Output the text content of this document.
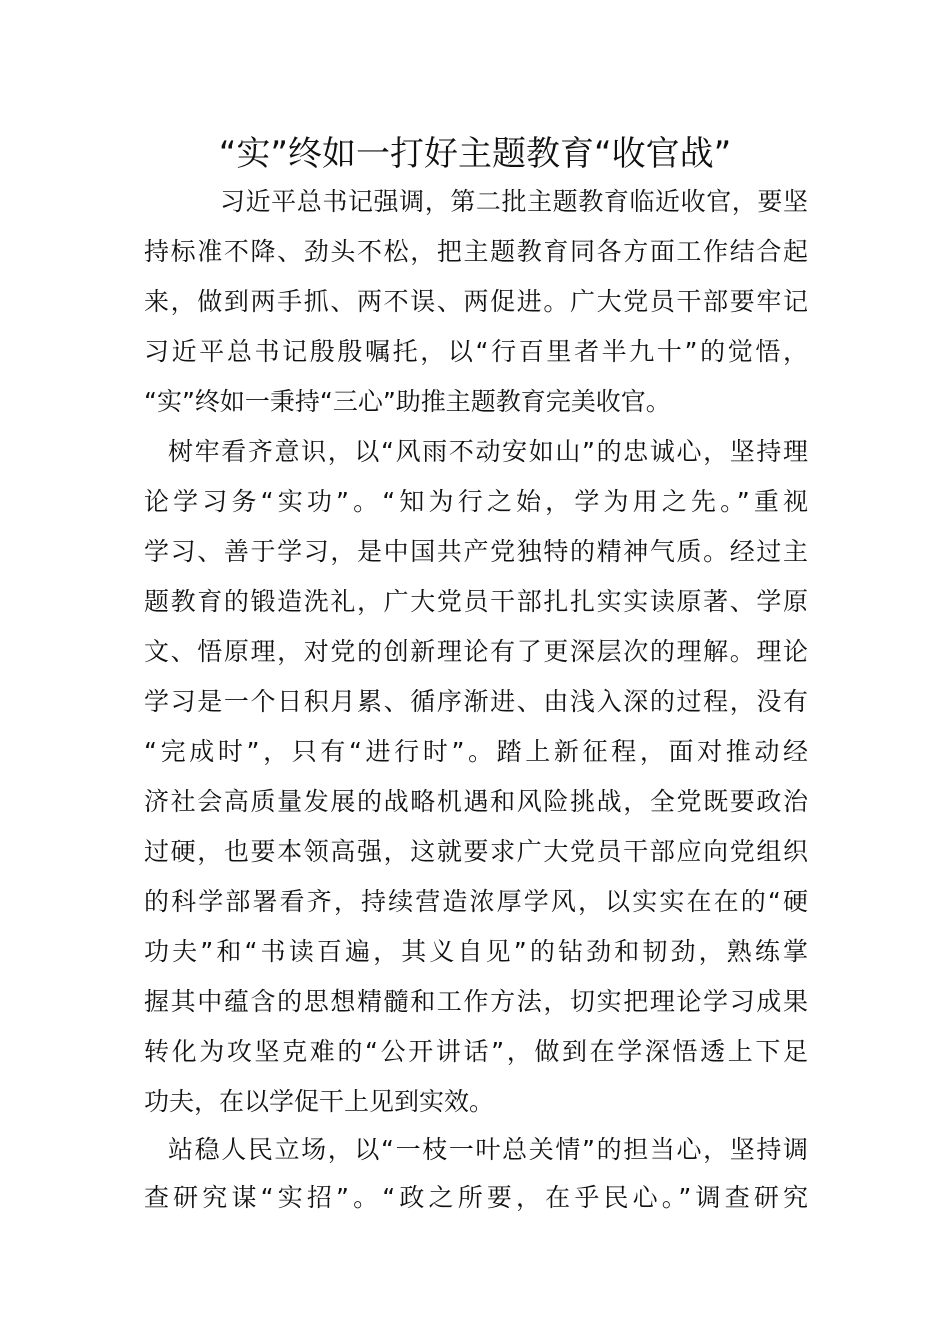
“实”终如一打好主题教育“收官战”
习近平总书记强调，第二批主题教育临近收官，要坚
持标准不降、劲头不松，把主题教育同各方面工作结合起
来，做到两手抓、两不误、两促进。广大党员干部要牢记
习近平总书记殷殷嘱托，以“行百里者半九十”的觉悟，
“实”终如一秉持“三心”助推主题教育完美收官。
树牢看齐意识，以“风雨不动安如山”的忠诚心，坚持理
论学习务“实功”。“知为行之始，学为用之先。”重视
学习、善于学习，是中国共产党独特的精神气质。经过主
题教育的锻造洗礼，广大党员干部扎扎实实读原著、学原
文、悟原理，对党的创新理论有了更深层次的理解。理论
学习是一个日积月累、循序渐进、由浅入深的过程，没有
“完成时”，只有“进行时”。踏上新征程，面对推动经
济社会高质量发展的战略机遇和风险挑战，全党既要政治
过硬，也要本领高强，这就要求广大党员干部应向党组织
的科学部署看齐，持续营造浓厚学风，以实实在在的“硬
功夫”和“书读百遍，其义自见”的钻劲和韧劲，熟练掌
握其中蕴含的思想精髓和工作方法，切实把理论学习成果
转化为攻坚克难的“公开讲话”，做到在学深悟透上下足
功夫，在以学促干上见到实效。
站稳人民立场，以“一枝一叶总关情”的担当心，坚持调
查研究谋“实招”。“政之所要，在乎民心。”调查研究
